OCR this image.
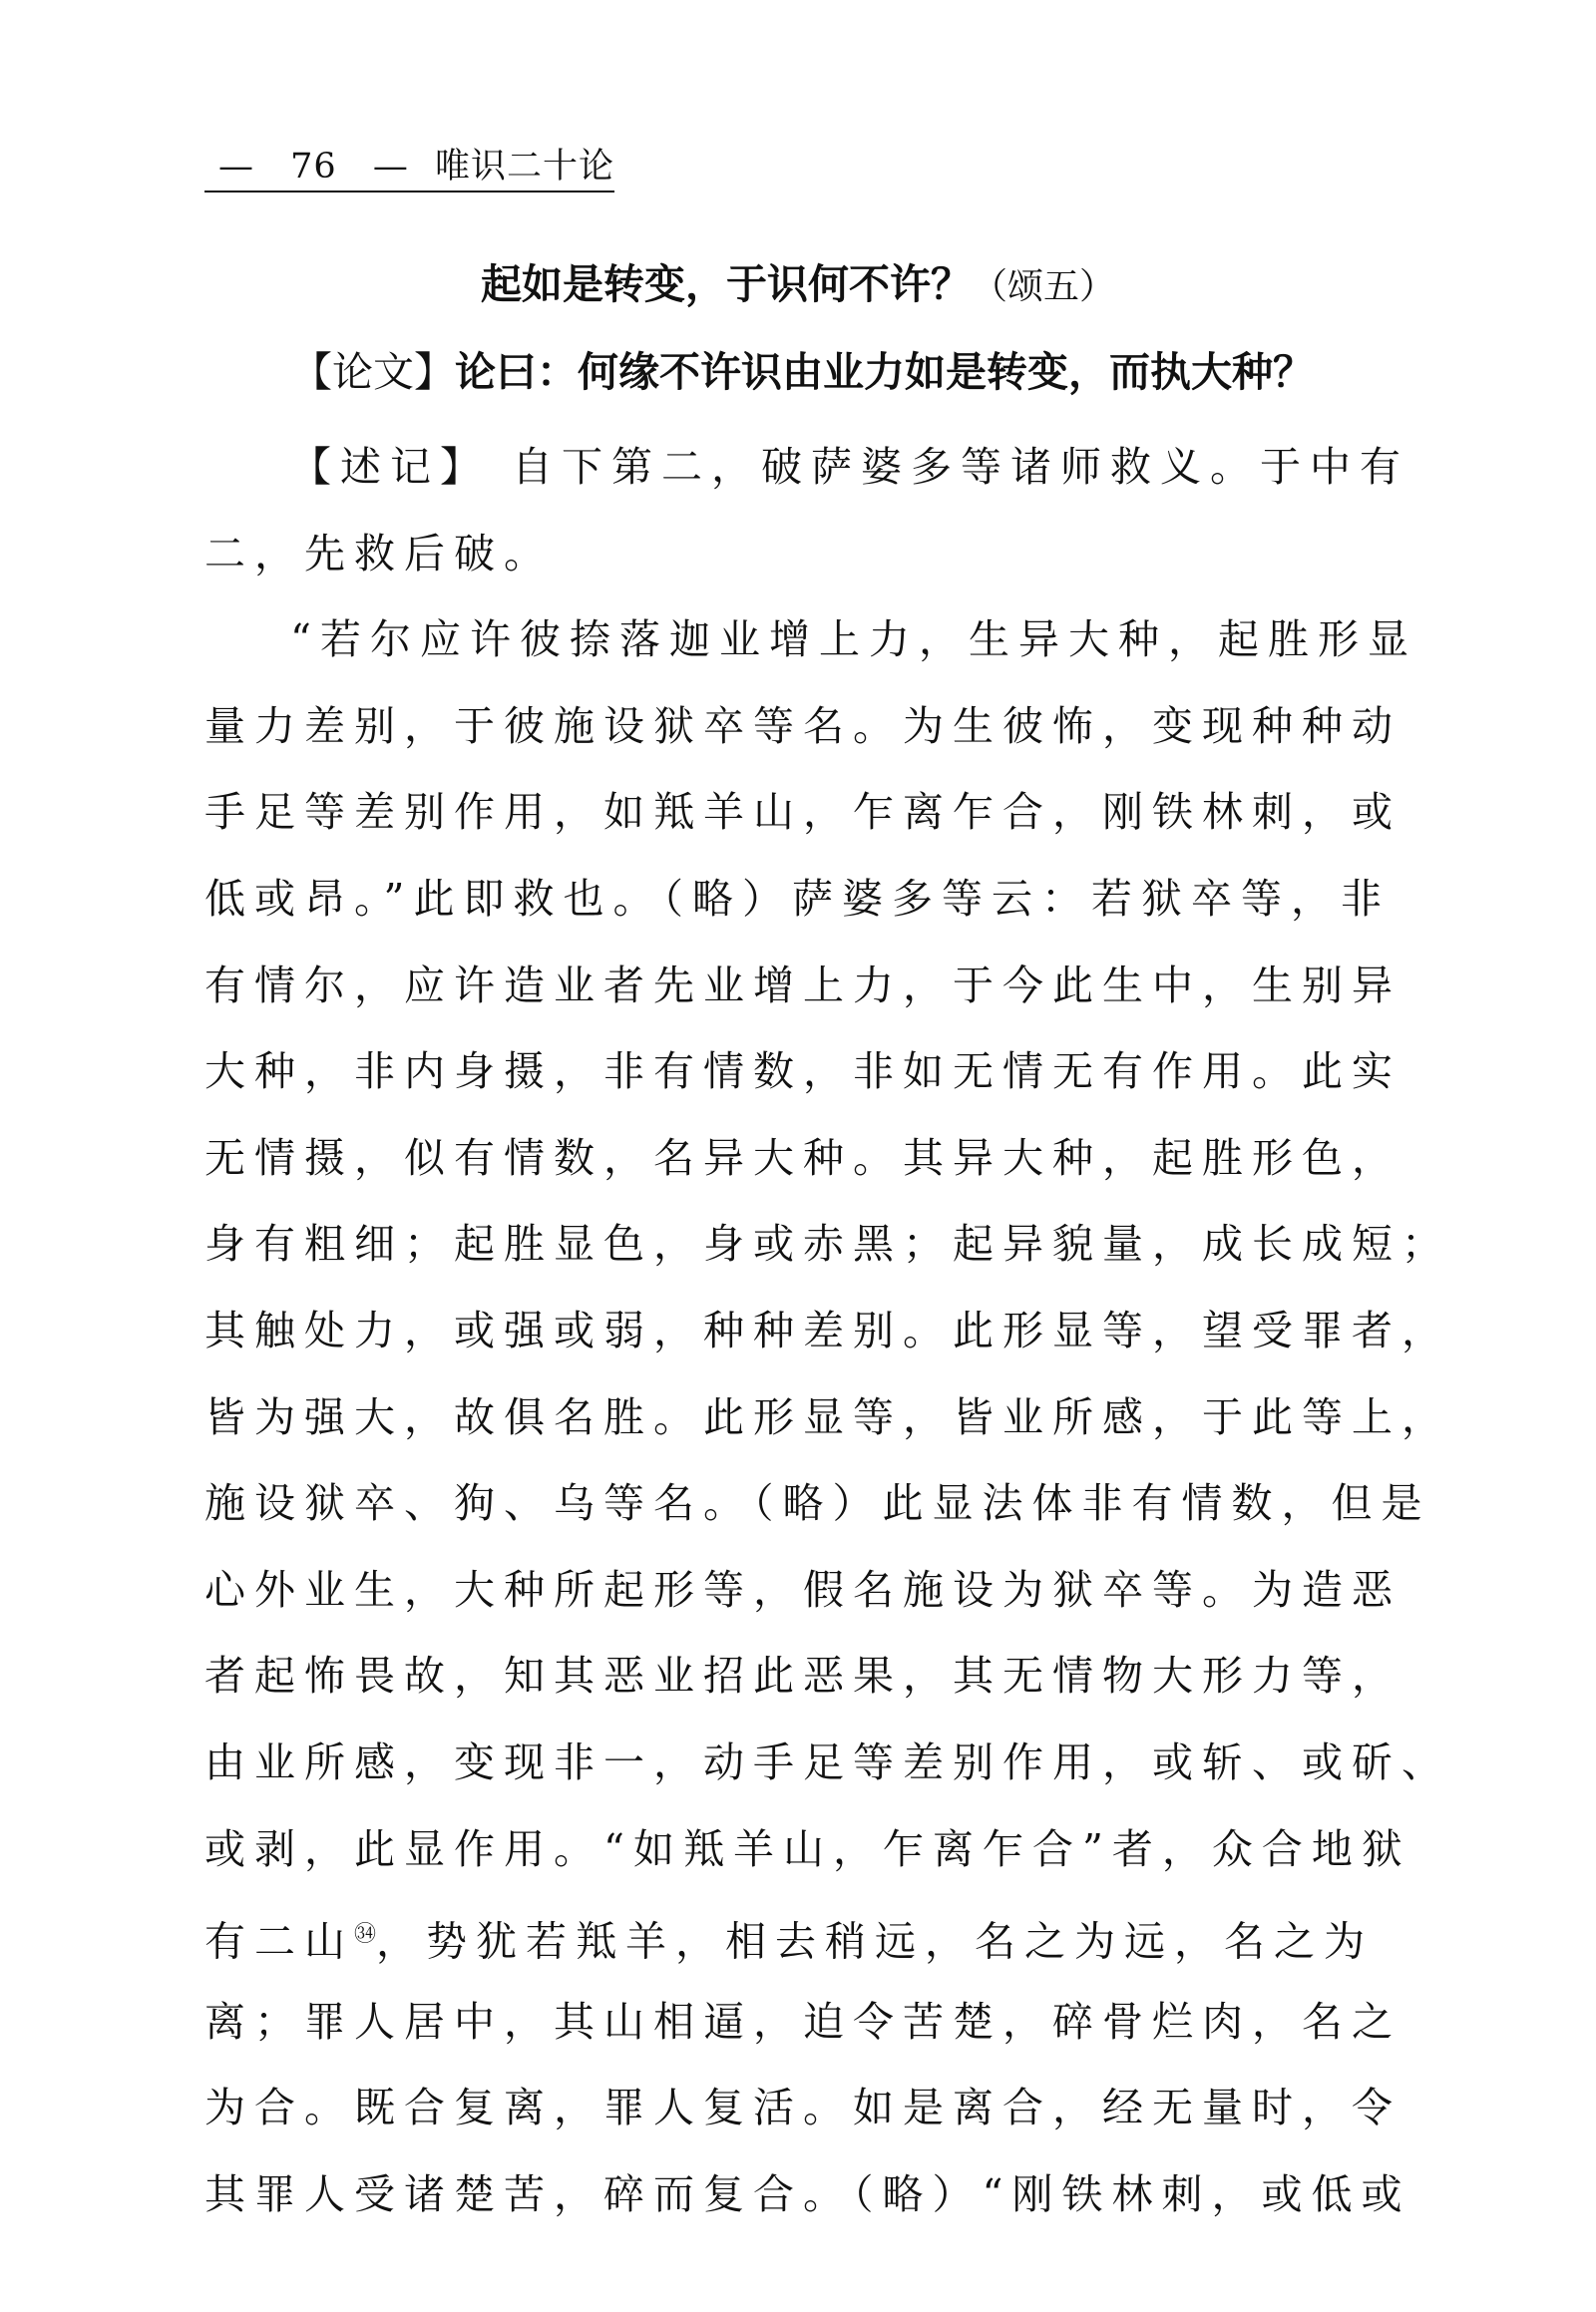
— 76 — 唯识二十论
起如是转变，于识何不许？（颂五）
【论文】论曰：何缘不许识由业力如是转变，而执大种？
【述记】 自下第二，破萨婆多等诸师救义。于中有
二，先救后破。
“若尔应许彼捺落迦业增上力，生异大种，起胜形显
量力差别，于彼施设狱卒等名。为生彼怖，变现种种动
手足等差别作用，如羝羊山，乍离乍合，刚铁林刺，或
低或昂。”此即救也。（略）萨婆多等云：若狱卒等，非
有情尔，应许造业者先业增上力，于今此生中，生别异
大种，非内身摄，非有情数，非如无情无有作用。此实
无情摄，似有情数，名异大种。其异大种，起胜形色，
身有粗细；起胜显色，身或赤黑；起异貌量，成长成短；
其触处力，或强或弱，种种差别。此形显等，望受罪者，
皆为强大，故俱名胜。此形显等，皆业所感，于此等上，
施设狱卒、狗、乌等名。（略）此显法体非有情数，但是
心外业生，大种所起形等，假名施设为狱卒等。为造恶
者起怖畏故，知其恶业招此恶果，其无情物大形力等，
由业所感，变现非一，动手足等差别作用，或斩、或斫、
或剥，此显作用。“如羝羊山，乍离乍合”者，众合地狱
有二山$^㉞$，势犹若羝羊，相去稍远，名之为远，名之为
离；罪人居中，其山相逼，迫令苦楚，碎骨烂肉，名之
为合。既合复离，罪人复活。如是离合，经无量时，令
其罪人受诸楚苦，碎而复合。（略）“刚铁林刺，或低或
